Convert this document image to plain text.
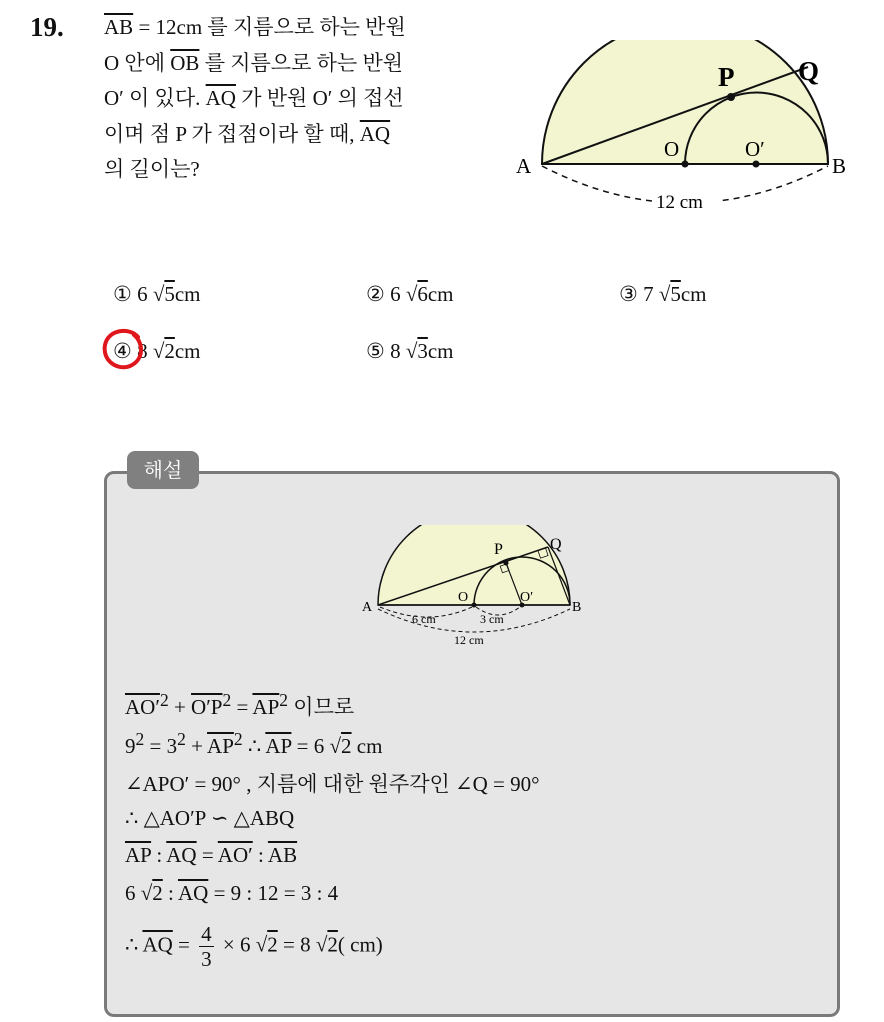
19. $\overline{AB} = 12cm$ 를 지름으로 하는 반원
O 안에 $\overline{OB}$ 를 지름으로 하는 반원
O′ 이 있다. $\overline{AQ}$ 가 반원 O′ 의 접선
이며 점 P 가 접점이라 할 때, $\overline{AQ}$
의 길이는?	A	B
O	O′
P Q
12 cm
① 6 √5cm	② 6 √6cm	③ 7 √5cm
④ 8 √2cm	⑤ 8 √3cm
해설
A	B
O	O′
P	Q
6 cm	3 cm
12 cm
$AO'^2 + O'P^2 = \overline{AP}^2$ 이므로
$9^2 = 3^2 + \overline{AP}^2$ ∴ $\overline{AP} = 6$ √2 cm
∠APO′ = 90° , 지름에 대한 원주각인 ∠Q = 90°
∴ △AO′P ∽ △ABQ
$\overline{AP}$ : $\overline{AQ} = AO'$ : $\overline{AB}$
6 √2 : $\overline{AQ} = 9$ : 12 = 3 : 4
∴ $\overline{AQ} = \frac{4}{3} \times 6$ √2 = 8 √2( cm)
